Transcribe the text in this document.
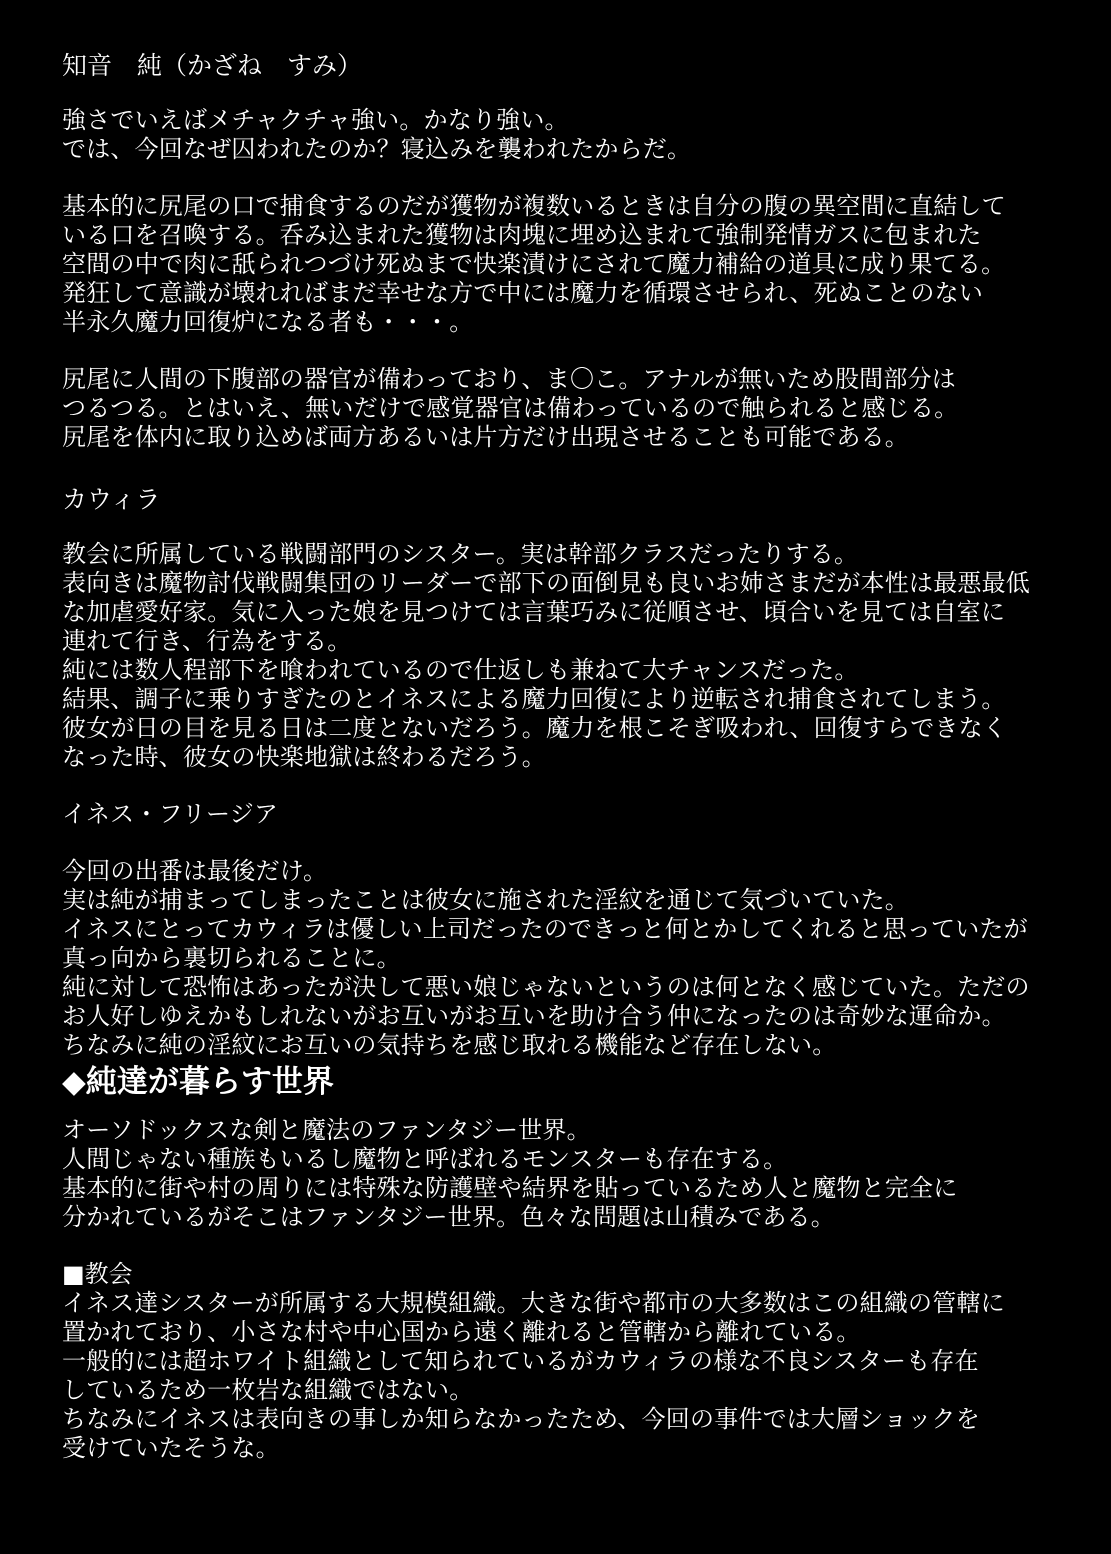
知音　純（かざね　すみ）
強さでいえばメチャクチャ強い。かなり強い。
では、今回なぜ囚われたのか？寝込みを襲われたからだ。
基本的に尻尾の口で捕食するのだが獲物が複数いるときは自分の腹の異空間に直結して
いる口を召喚する。呑み込まれた獲物は肉塊に埋め込まれて強制発情ガスに包まれた
空間の中で肉に舐られつづけ死ぬまで快楽漬けにされて魔力補給の道具に成り果てる。
発狂して意識が壊れればまだ幸せな方で中には魔力を循環させられ、死ぬことのない
半永久魔力回復炉になる者も・・・。
尻尾に人間の下腹部の器官が備わっており、ま〇こ。アナルが無いため股間部分は
つるつる。とはいえ、無いだけで感覚器官は備わっているので触られると感じる。
尻尾を体内に取り込めば両方あるいは片方だけ出現させることも可能である。
カウィラ
教会に所属している戦闘部門のシスター。実は幹部クラスだったりする。
表向きは魔物討伐戦闘集団のリーダーで部下の面倒見も良いお姉さまだが本性は最悪最低
な加虐愛好家。気に入った娘を見つけては言葉巧みに従順させ、頃合いを見ては自室に
連れて行き、行為をする。
純には数人程部下を喰われているので仕返しも兼ねて大チャンスだった。
結果、調子に乗りすぎたのとイネスによる魔力回復により逆転され捕食されてしまう。
彼女が日の目を見る日は二度とないだろう。魔力を根こそぎ吸われ、回復すらできなく
なった時、彼女の快楽地獄は終わるだろう。
イネス・フリージア
今回の出番は最後だけ。
実は純が捕まってしまったことは彼女に施された淫紋を通じて気づいていた。
イネスにとってカウィラは優しい上司だったのできっと何とかしてくれると思っていたが
真っ向から裏切られることに。
純に対して恐怖はあったが決して悪い娘じゃないというのは何となく感じていた。ただの
お人好しゆえかもしれないがお互いがお互いを助け合う仲になったのは奇妙な運命か。
ちなみに純の淫紋にお互いの気持ちを感じ取れる機能など存在しない。
◆純達が暮らす世界
オーソドックスな剣と魔法のファンタジー世界。
人間じゃない種族もいるし魔物と呼ばれるモンスターも存在する。
基本的に街や村の周りには特殊な防護壁や結界を貼っているため人と魔物と完全に
分かれているがそこはファンタジー世界。色々な問題は山積みである。
■教会
イネス達シスターが所属する大規模組織。大きな街や都市の大多数はこの組織の管轄に
置かれており、小さな村や中心国から遠く離れると管轄から離れている。
一般的には超ホワイト組織として知られているがカウィラの様な不良シスターも存在
しているため一枚岩な組織ではない。
ちなみにイネスは表向きの事しか知らなかったため、今回の事件では大層ショックを
受けていたそうな。
